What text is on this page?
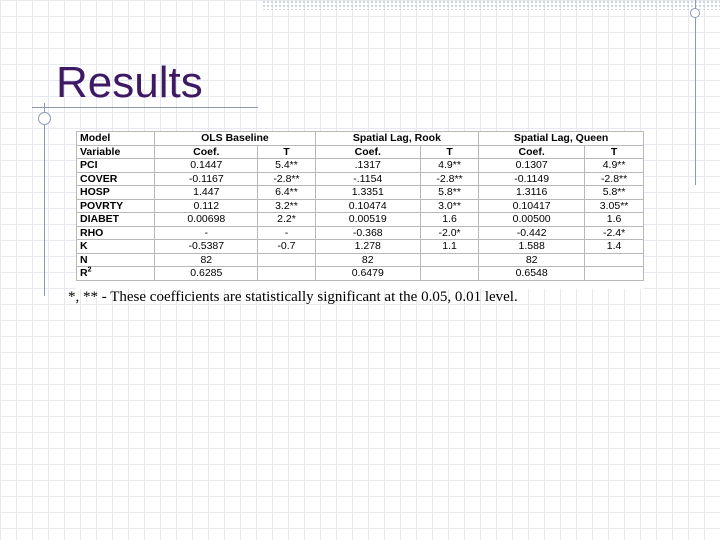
Results
Model	OLS Baseline		Spatial Lag, Rook		Spatial Lag, Queen	
Variable	Coef.	T	Coef.	T	Coef.	T
PCI	0.1447	5.4**	.1317	4.9**	0.1307	4.9**
COVER	-0.1167	-2.8**	-.1154	-2.8**	-0.1149	-2.8**
HOSP	1.447	6.4**	1.3351	5.8**	1.3116	5.8**
POVRTY	0.112	3.2**	0.10474	3.0**	0.10417	3.05**
DIABET	0.00698	2.2*	0.00519	1.6	0.00500	1.6
RHO	-	-	-0.368	-2.0*	-0.442	-2.4*
K	-0.5387	-0.7	1.278	1.1	1.588	1.4
N	82		82		82	
$R^2$	0.6285		0.6479		0.6548	

*, ** - These coefficients are statistically significant at the 0.05, 0.01 level.
